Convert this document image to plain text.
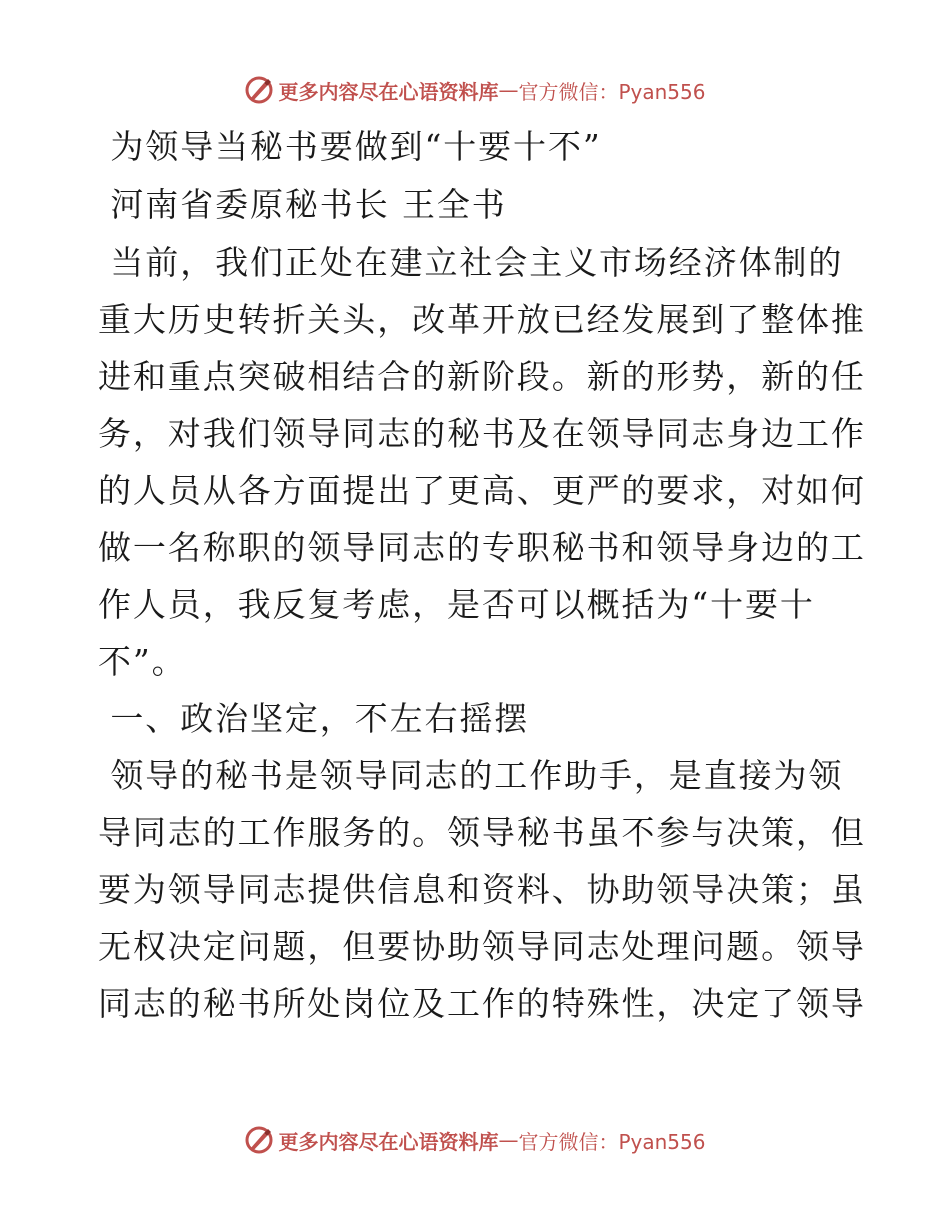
更多内容尽在心语资料库 — 官方微信：Pyan556
为领导当秘书要做到“十要十不”
河南省委原秘书长 王全书
当前，我们正处在建立社会主义市场经济体制的
重大历史转折关头，改革开放已经发展到了整体推
进和重点突破相结合的新阶段。新的形势，新的任
务，对我们领导同志的秘书及在领导同志身边工作
的人员从各方面提出了更高、更严的要求，对如何
做一名称职的领导同志的专职秘书和领导身边的工
作人员，我反复考虑，是否可以概括为“十要十
不”。
一、政治坚定，不左右摇摆
领导的秘书是领导同志的工作助手，是直接为领
导同志的工作服务的。领导秘书虽不参与决策，但
要为领导同志提供信息和资料、协助领导决策；虽
无权决定问题，但要协助领导同志处理问题。领导
同志的秘书所处岗位及工作的特殊性，决定了领导
更多内容尽在心语资料库 — 官方微信：Pyan556
